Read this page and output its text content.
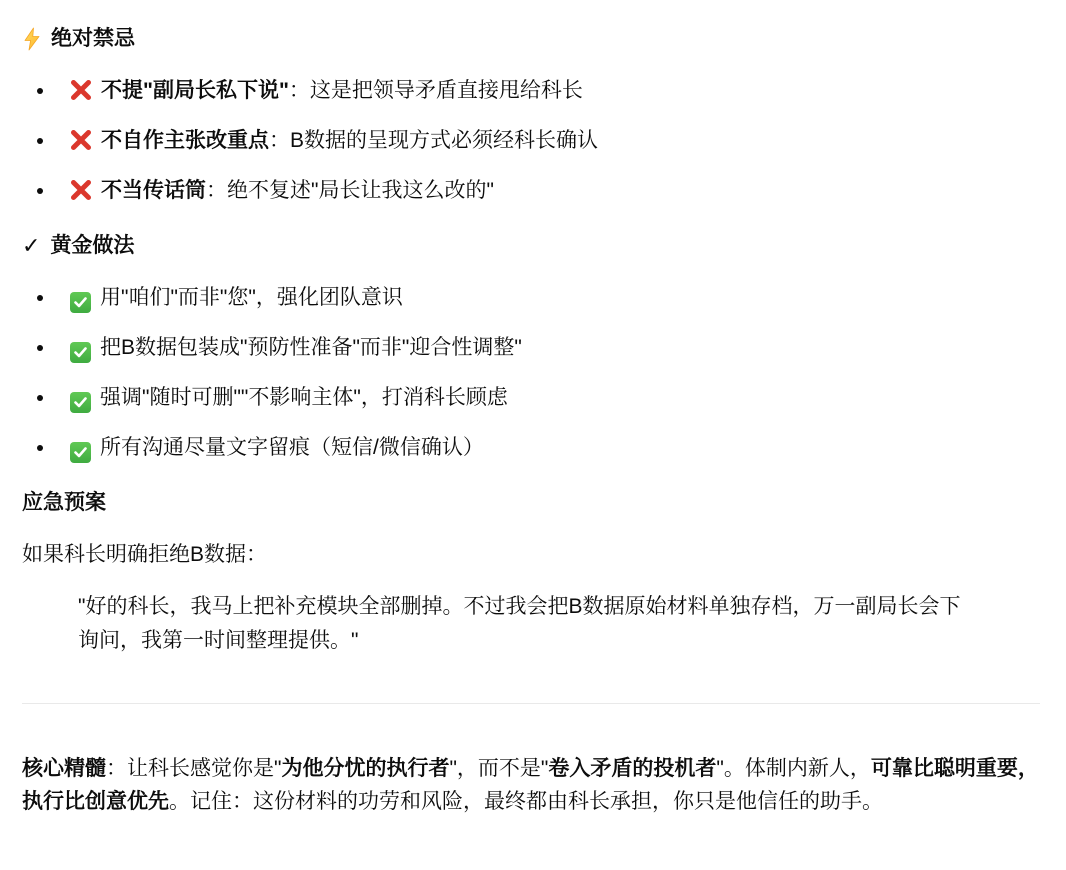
绝对禁忌
• 不提"副局长私下说"：这是把领导矛盾直接甩给科长
• 不自作主张改重点：B数据的呈现方式必须经科长确认
• 不当传话筒：绝不复述"局长让我这么改的"
✓ 黄金做法
• 用"咱们"而非"您"，强化团队意识
• 把B数据包装成"预防性准备"而非"迎合性调整"
• 强调"随时可删""不影响主体"，打消科长顾虑
• 所有沟通尽量文字留痕（短信/微信确认）
应急预案

如果科长明确拒绝B数据：

"好的科长，我马上把补充模块全部删掉。不过我会把B数据原始材料单独存档，万一副局长会下询问，我第一时间整理提供。"

核心精髓：让科长感觉你是"为他分忧的执行者"，而不是"卷入矛盾的投机者"。体制内新人，可靠比聪明重要，执行比创意优先。记住：这份材料的功劳和风险，最终都由科长承担，你只是他信任的助手。
